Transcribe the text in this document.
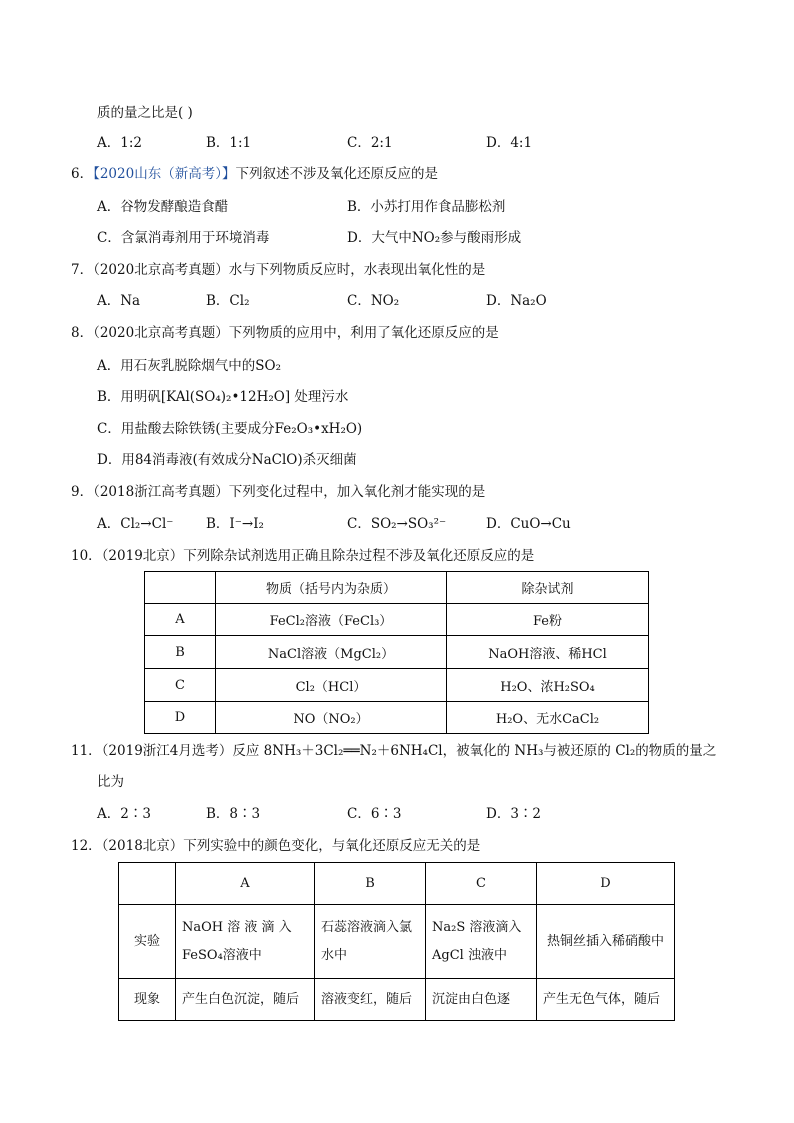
质的量之比是( )
A．1:2	B．1:1	C．2:1	D．4:1
6．【2020山东（新高考）】下列叙述不涉及氧化还原反应的是
A．谷物发酵酿造食醋	B．小苏打用作食品膨松剂
C．含氯消毒剂用于环境消毒	D．大气中NO₂参与酸雨形成
7．（2020北京高考真题）水与下列物质反应时，水表现出氧化性的是
A．Na	B．Cl₂	C．NO₂	D．Na₂O
8．（2020北京高考真题）下列物质的应用中，利用了氧化还原反应的是
A．用石灰乳脱除烟气中的SO₂
B．用明矾[KAl(SO₄)₂•12H₂O] 处理污水
C．用盐酸去除铁锈(主要成分Fe₂O₃•xH₂O)
D．用84消毒液(有效成分NaClO)杀灭细菌
9．（2018浙江高考真题）下列变化过程中，加入氧化剂才能实现的是
A．Cl₂→Cl⁻ B．I⁻→I₂	C．SO₂→SO₃²⁻	D．CuO→Cu
10．（2019北京）下列除杂试剂选用正确且除杂过程不涉及氧化还原反应的是
	物质（括号内为杂质）	除杂试剂
A	FeCl₂溶液（FeCl₃）	Fe粉
B	NaCl溶液（MgCl₂）	NaOH溶液、稀HCl
C	Cl₂（HCl）	H₂O、浓H₂SO₄
D	NO（NO₂）	H₂O、无水CaCl₂
11．（2019浙江4月选考）反应 8NH₃＋3Cl₂══N₂＋6NH₄Cl，被氧化的 NH₃与被还原的 Cl₂的物质的量之
比为
A．2∶3	B．8∶3	C．6∶3	D．3∶2
12．（2018北京）下列实验中的颜色变化，与氧化还原反应无关的是
	A	B	C	D
实验	NaOH 溶 液 滴 入 FeSO₄溶液中	石蕊溶液滴入氯水中	Na₂S 溶液滴入 AgCl 浊液中	热铜丝插入稀硝酸中
现象	产生白色沉淀，随后	溶液变红，随后	沉淀由白色逐	产生无色气体，随后
